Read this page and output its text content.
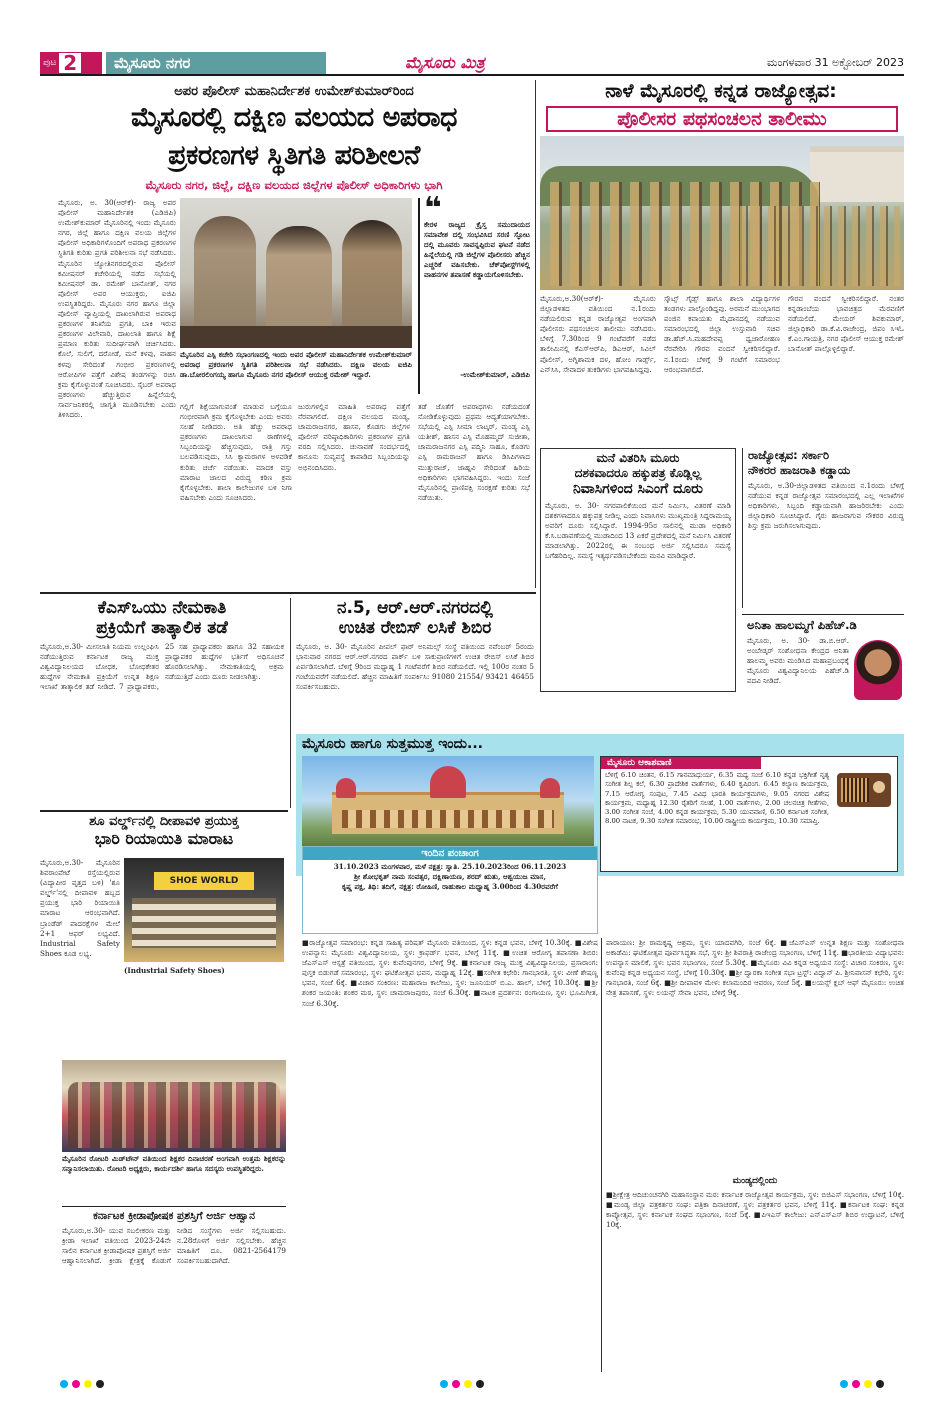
ಪುಟ 2	ಮೈಸೂರು ನಗರ	ಮೈಸೂರು ಮಿತ್ರ	ಮಂಗಳವಾರ 31 ಅಕ್ಟೋಬರ್ 2023
ಅಪರ ಪೊಲೀಸ್ ಮಹಾನಿರ್ದೇಶಕ ಉಮೇಶ್‌ಕುಮಾರ್‌ರಿಂದ
ಮೈಸೂರಲ್ಲಿ ದಕ್ಷಿಣ ವಲಯದ ಅಪರಾಧ
ಪ್ರಕರಣಗಳ ಸ್ಥಿತಿಗತಿ ಪರಿಶೀಲನೆ
ಮೈಸೂರು ನಗರ, ಜಿಲ್ಲೆ, ದಕ್ಷಿಣ ವಲಯದ ಜಿಲ್ಲೆಗಳ ಪೊಲೀಸ್ ಅಧಿಕಾರಿಗಳು ಭಾಗಿ
ಮೈಸೂರು, ಅ. 30(ಆರ್‌ಕೆ)- ರಾಜ್ಯ ಅಪರ ಪೊಲೀಸ್ ಮಹಾನಿರ್ದೇಶಕ (ಎಡಿಜಿಪಿ) ಉಮೇಶ್‌ಕುಮಾರ್ ಮೈಸೂರಿನಲ್ಲಿ ಇಂದು ಮೈಸೂರು ನಗರ, ಜಿಲ್ಲೆ ಹಾಗೂ ದಕ್ಷಿಣ ವಲಯ ಜಿಲ್ಲೆಗಳ ಪೊಲೀಸ್ ಅಧಿಕಾರಿಗಳೊಂದಿಗೆ ಅಪರಾಧ ಪ್ರಕರಣಗಳ ಸ್ಥಿತಿಗತಿ ಕುರಿತು ಪ್ರಗತಿ ಪರಿಶೀಲನಾ ಸಭೆ ನಡೆಸಿದರು. ಮೈಸೂರಿನ ಜ್ಯೋತಿನಗರದಲ್ಲಿರುವ ಪೊಲೀಸ್ ಕಮೀಷನರ್ ಕಚೇರಿಯಲ್ಲಿ ನಡೆದ ಸಭೆಯಲ್ಲಿ ಕಮೀಷನರ್ ಡಾ. ರಮೇಶ್ ಬಾನೋತ್, ನಗರ ಪೊಲೀಸ್ ಅಪರ ಆಯುಕ್ತರು, ಐಜಿಪಿ ಉಪಸ್ಥಿತರಿದ್ದರು. ಮೈಸೂರು ನಗರ ಹಾಗೂ ಜಿಲ್ಲಾ ಪೊಲೀಸ್ ವ್ಯಾಪ್ತಿಯಲ್ಲಿ ದಾಖಲಾಗಿರುವ ಅಪರಾಧ ಪ್ರಕರಣಗಳ ತನಿಖೆಯ ಪ್ರಗತಿ, ಬಾಕಿ ಇರುವ ಪ್ರಕರಣಗಳ ವಿಲೇವಾರಿ, ದಾಖಲಾತಿ ಹಾಗೂ ಶಿಕ್ಷೆ ಪ್ರಮಾಣ ಕುರಿತು ಸುದೀರ್ಘವಾಗಿ ಚರ್ಚಿಸಿದರು. ಕೊಲೆ, ಸುಲಿಗೆ, ದರೋಡೆ, ಮನೆ ಕಳವು, ವಾಹನ ಕಳವು ಸೇರಿದಂತೆ ಗಂಭೀರ ಪ್ರಕರಣಗಳಲ್ಲಿ ಆರೋಪಿಗಳ ಪತ್ತೆಗೆ ವಿಶೇಷ ತಂಡಗಳನ್ನು ರಚಿಸಿ ಕ್ರಮ ಕೈಗೊಳ್ಳುವಂತೆ ಸೂಚಿಸಿದರು. ಸೈಬರ್ ಅಪರಾಧ ಪ್ರಕರಣಗಳು ಹೆಚ್ಚುತ್ತಿರುವ ಹಿನ್ನೆಲೆಯಲ್ಲಿ ಸಾರ್ವಜನಿಕರಲ್ಲಿ ಜಾಗೃತಿ ಮೂಡಿಸಬೇಕು ಎಂದು ತಿಳಿಸಿದರು.
ಮೈಸೂರಿನ ಎಸ್ಪಿ ಕಚೇರಿ ಸಭಾಂಗಣದಲ್ಲಿ ಇಂದು ಅಪರ ಪೊಲೀಸ್ ಮಹಾನಿರ್ದೇಶಕ ಉಮೇಶ್‌ಕುಮಾರ್ ಅಪರಾಧ ಪ್ರಕರಣಗಳ ಸ್ಥಿತಿಗತಿ ಪರಿಶೀಲನಾ ಸಭೆ ನಡೆಸಿದರು. ದಕ್ಷಿಣ ವಲಯ ಐಜಿಪಿ ಡಾ.ಬೋರಲಿಂಗಯ್ಯ ಹಾಗೂ ಮೈಸೂರು ನಗರ ಪೊಲೀಸ್ ಆಯುಕ್ತ ರಮೇಶ್ ಇದ್ದಾರೆ.
❝
ಕೇರಳ ರಾಜ್ಯದ ಕ್ರೈಸ್ತ ಸಮುದಾಯದ ಸಮಾವೇಶ ದಲ್ಲಿ ಸಂಭವಿಸಿದ ಸರಣಿ ಸ್ಫೋಟ ದಲ್ಲಿ ಮೂವರು ಸಾವನ್ನಪ್ಪಿರುವ ಘಟನೆ ನಡೆದ ಹಿನ್ನೆಲೆಯಲ್ಲಿ ಗಡಿ ಜಿಲ್ಲೆಗಳ ಪೊಲೀಸರು ಹೆಚ್ಚಿನ ಎಚ್ಚರಿಕೆ ವಹಿಸಬೇಕು. ಚೆಕ್‌ಪೋಸ್ಟ್‌ಗಳಲ್ಲಿ ವಾಹನಗಳ ತಪಾಸಣೆ ಕಡ್ಡಾಯಗೊಳಿಸಬೇಕು.
-ಉಮೇಶ್‌ಕುಮಾರ್, ಎಡಿಜಿಪಿ
ಗಲ್ಲಿಗೆ ಶಿಕ್ಷೆಯಾಗುವಂತೆ ಮಾಡುವ ಬಗ್ಗೆಯೂ ಗಂಭೀರವಾಗಿ ಕ್ರಮ ಕೈಗೊಳ್ಳಬೇಕು ಎಂದು ಅವರು ಸಲಹೆ ನೀಡಿದರು. ಅತಿ ಹೆಚ್ಚು ಅಪರಾಧ ಪ್ರಕರಣಗಳು ದಾಖಲಾಗುವ ಠಾಣೆಗಳಲ್ಲಿ ಸಿಬ್ಬಂದಿಯನ್ನು ಹೆಚ್ಚಿಸುವುದು, ರಾತ್ರಿ ಗಸ್ತು ಬಲಪಡಿಸುವುದು, ಸಿಸಿ ಕ್ಯಾಮರಾಗಳ ಅಳವಡಿಕೆ ಕುರಿತು ಚರ್ಚೆ ನಡೆಯಿತು. ಮಾದಕ ವಸ್ತು ಮಾರಾಟ ಜಾಲದ ವಿರುದ್ಧ ಕಠಿಣ ಕ್ರಮ ಕೈಗೊಳ್ಳಬೇಕು. ಶಾಲಾ ಕಾಲೇಜುಗಳ ಬಳಿ ನಿಗಾ ವಹಿಸಬೇಕು ಎಂದು ಸೂಚಿಸಿದರು.
ಜುರುಗಳಲ್ಲಿನ ಮಾಹಿತಿ ಅಪರಾಧ ಪತ್ತೆಗೆ ನೆರವಾಗಲಿದೆ. ದಕ್ಷಿಣ ವಲಯದ ಮಂಡ್ಯ, ಚಾಮರಾಜನಗರ, ಹಾಸನ, ಕೊಡಗು ಜಿಲ್ಲೆಗಳ ಪೊಲೀಸ್ ವರಿಷ್ಠಾಧಿಕಾರಿಗಳು ಪ್ರಕರಣಗಳ ಪ್ರಗತಿ ವರದಿ ಸಲ್ಲಿಸಿದರು. ಚುನಾವಣೆ ಸಂದರ್ಭದಲ್ಲಿ ಕಾನೂನು ಸುವ್ಯವಸ್ಥೆ ಕಾಪಾಡಿದ ಸಿಬ್ಬಂದಿಯನ್ನು ಅಭಿನಂದಿಸಿದರು.
ತಡೆ ಜೊತೆಗೆ ಅಪರಾಧಗಳು ನಡೆಯದಂತೆ ನೋಡಿಕೊಳ್ಳುವುದು ಪ್ರಥಮ ಆದ್ಯತೆಯಾಗಬೇಕು. ಸಭೆಯಲ್ಲಿ ಎಸ್ಪಿ ಸೀಮಾ ಲಾಟ್ಕರ್, ಮಂಡ್ಯ ಎಸ್ಪಿ ಯತೀಶ್, ಹಾಸನ ಎಸ್ಪಿ ಮೊಹಮ್ಮದ್ ಸುಜೀತಾ, ಚಾಮರಾಜನಗರ ಎಸ್ಪಿ ಪದ್ಮಿನಿ ಸಾಹೂ, ಕೊಡಗು ಎಸ್ಪಿ ರಾಮರಾಜನ್ ಹಾಗೂ ಡಿಸಿಪಿಗಳಾದ ಮುತ್ತುರಾಜ್, ಜಾಹ್ನವಿ ಸೇರಿದಂತೆ ಹಿರಿಯ ಅಧಿಕಾರಿಗಳು ಭಾಗವಹಿಸಿದ್ದರು. ಇಂದು ಸಂಜೆ ಮೈಸೂರಿನಲ್ಲಿ ಪ್ರಾಣಿಪಕ್ಷಿ ಸಂರಕ್ಷಣೆ ಕುರಿತು ಸಭೆ ನಡೆಯಿತು.
ನಾಳೆ ಮೈಸೂರಲ್ಲಿ ಕನ್ನಡ ರಾಜ್ಯೋತ್ಸವ:
ಪೊಲೀಸರ ಪಥಸಂಚಲನ ತಾಲೀಮು
ಮೈಸೂರು,ಅ.30(ಆರ್‌ಕೆ)- ಮೈಸೂರು ಜಿಲ್ಲಾಡಳಿತದ ವತಿಯಿಂದ ನ.1ರಂದು ನಡೆಯಲಿರುವ ಕನ್ನಡ ರಾಜ್ಯೋತ್ಸವ ಅಂಗವಾಗಿ ಪೊಲೀಸರು ಪಥಸಂಚಲನ ತಾಲೀಮು ನಡೆಸಿದರು. ಬೆಳಿಗ್ಗೆ 7.30ರಿಂದ 9 ಗಂಟೆವರೆಗೆ ನಡೆದ ತಾಲೀಮಿನಲ್ಲಿ ಕೆಎಸ್‌ಆರ್‌ಪಿ, ಡಿಎಆರ್, ಸಿವಿಲ್ ಪೊಲೀಸ್, ಅಗ್ನಿಶಾಮಕ ದಳ, ಹೋಂ ಗಾರ್ಡ್ಸ್, ಎನ್‌ಸಿಸಿ, ಸೇವಾದಳ ತುಕಡಿಗಳು ಭಾಗವಹಿಸಿದ್ದವು.
ಸ್ಕೌಟ್ಸ್ ಗೈಡ್ಸ್ ಹಾಗೂ ಶಾಲಾ ವಿದ್ಯಾರ್ಥಿಗಳ ತಂಡಗಳು ಪಾಲ್ಗೊಂಡಿದ್ದವು. ಅರಮನೆ ಮುಂಭಾಗದ ಪಂಜಿನ ಕವಾಯತು ಮೈದಾನದಲ್ಲಿ ನಡೆಯುವ ಸಮಾರಂಭದಲ್ಲಿ ಜಿಲ್ಲಾ ಉಸ್ತುವಾರಿ ಸಚಿವ ಡಾ.ಹೆಚ್.ಸಿ.ಮಹದೇವಪ್ಪ ಧ್ವಜಾರೋಹಣ ನೆರವೇರಿಸಿ ಗೌರವ ವಂದನೆ ಸ್ವೀಕರಿಸಲಿದ್ದಾರೆ. ನ.1ರಂದು ಬೆಳಿಗ್ಗೆ 9 ಗಂಟೆಗೆ ಸಮಾರಂಭ ಆರಂಭವಾಗಲಿದೆ.
ಗೌರವ ವಂದನೆ ಸ್ವೀಕರಿಸಲಿದ್ದಾರೆ. ನಂತರ ಕನ್ನಡಾಂಬೆಯ ಭಾವಚಿತ್ರದ ಮೆರವಣಿಗೆ ನಡೆಯಲಿದೆ. ಮೇಯರ್ ಶಿವಕುಮಾರ್, ಜಿಲ್ಲಾಧಿಕಾರಿ ಡಾ.ಕೆ.ವಿ.ರಾಜೇಂದ್ರ, ಜಿಪಂ ಸಿಇಓ ಕೆ.ಎಂ.ಗಾಯತ್ರಿ, ನಗರ ಪೊಲೀಸ್ ಆಯುಕ್ತ ರಮೇಶ್ ಬಾನೋತ್ ಪಾಲ್ಗೊಳ್ಳಲಿದ್ದಾರೆ.
ಮನೆ ವಿತರಿಸಿ ಮೂರು
ದಶಕವಾದರೂ ಹಕ್ಕುಪತ್ರ ಕೊಡ್ಲಿಲ್ಲ
ನಿವಾಸಿಗಳಿಂದ ಸಿಎಂಗೆ ದೂರು
ಮೈಸೂರು, ಅ. 30- ನಗರಪಾಲಿಕೆಯಿಂದ ಮನೆ ನಿರ್ಮಿಸಿ, ವಿತರಣೆ ಮಾಡಿ ದಶಕಗಳಾದರೂ ಹಕ್ಕುಪತ್ರ ನೀಡಿಲ್ಲ ಎಂದು ನಿವಾಸಿಗಳು ಮುಖ್ಯಮಂತ್ರಿ ಸಿದ್ದರಾಮಯ್ಯ ಅವರಿಗೆ ದೂರು ಸಲ್ಲಿಸಿದ್ದಾರೆ. 1994-95ರ ಸಾಲಿನಲ್ಲಿ ಮುಡಾ ಅಧಿಕಾರಿ ಕೆ.ಸಿ.ಬಡಾವಣೆಯಲ್ಲಿ ಮುಡಾದಿಂದ 13 ಏಕರೆ ಪ್ರದೇಶದಲ್ಲಿ ಮನೆ ನಿರ್ಮಿಸಿ ವಿತರಣೆ ಮಾಡಲಾಗಿತ್ತು. 2022ರಲ್ಲಿ ಈ ಸಂಬಂಧ ಅರ್ಜಿ ಸಲ್ಲಿಸಿದರೂ ಸಮಸ್ಯೆ ಬಗೆಹರಿದಿಲ್ಲ. ಸಮಸ್ಯೆ ಇತ್ಯರ್ಥಪಡಿಸಬೇಕೆಂದು ಮನವಿ ಮಾಡಿದ್ದಾರೆ.
ರಾಜ್ಯೋತ್ಸವ: ಸರ್ಕಾರಿ
ನೌಕರರ ಹಾಜರಾತಿ ಕಡ್ಡಾಯ
ಮೈಸೂರು, ಅ.30-ಜಿಲ್ಲಾಡಳಿತದ ವತಿಯಿಂದ ನ.1ರಂದು ಬೆಳಿಗ್ಗೆ ನಡೆಯುವ ಕನ್ನಡ ರಾಜ್ಯೋತ್ಸವ ಸಮಾರಂಭದಲ್ಲಿ ಎಲ್ಲ ಇಲಾಖೆಗಳ ಅಧಿಕಾರಿಗಳು, ಸಿಬ್ಬಂದಿ ಕಡ್ಡಾಯವಾಗಿ ಹಾಜರಿರಬೇಕು ಎಂದು ಜಿಲ್ಲಾಧಿಕಾರಿ ಸೂಚಿಸಿದ್ದಾರೆ. ಗೈರು ಹಾಜರಾಗುವ ನೌಕರರ ವಿರುದ್ಧ ಶಿಸ್ತು ಕ್ರಮ ಜರುಗಿಸಲಾಗುವುದು.
ಅನಿತಾ ಹಾಲಮ್ಮಗೆ ಪಿಹೆಚ್.ಡಿ
ಮೈಸೂರು, ಅ. 30- ಡಾ.ಬಿ.ಆರ್. ಅಂಬೇಡ್ಕರ್ ಸಂಶೋಧನಾ ಕೇಂದ್ರದ ಅನಿತಾ ಹಾಲಮ್ಮ ಅವರು ಮಂಡಿಸಿದ ಮಹಾಪ್ರಬಂಧಕ್ಕೆ ಮೈಸೂರು ವಿಶ್ವವಿದ್ಯಾನಿಲಯ ಪಿಹೆಚ್.ಡಿ ಪದವಿ ನೀಡಿದೆ.
ಕೆಎಸ್‌ಒಯು ನೇಮಕಾತಿ
ಪ್ರಕ್ರಿಯೆಗೆ ತಾತ್ಕಾಲಿಕ ತಡೆ
ಮೈಸೂರು,ಅ.30- ಮೀಸಲಾತಿ ನಿಯಮ ಉಲ್ಲಂಘಿಸಿ ನಡೆಯುತ್ತಿರುವ ಕರ್ನಾಟಕ ರಾಜ್ಯ ಮುಕ್ತ ವಿಶ್ವವಿದ್ಯಾನಿಲಯದ ಬೋಧಕ, ಬೋಧಕೇತರ ಹುದ್ದೆಗಳ ನೇಮಕಾತಿ ಪ್ರಕ್ರಿಯೆಗೆ ಉನ್ನತ ಶಿಕ್ಷಣ ಇಲಾಖೆ ತಾತ್ಕಾಲಿಕ ತಡೆ ನೀಡಿದೆ. 7 ಪ್ರಾಧ್ಯಾಪಕರು, 25 ಸಹ ಪ್ರಾಧ್ಯಾಪಕರು ಹಾಗೂ 32 ಸಹಾಯಕ ಪ್ರಾಧ್ಯಾಪಕರ ಹುದ್ದೆಗಳ ಭರ್ತಿಗೆ ಅಧಿಸೂಚನೆ ಹೊರಡಿಸಲಾಗಿತ್ತು. ನೇಮಕಾತಿಯಲ್ಲಿ ಅಕ್ರಮ ನಡೆಯುತ್ತಿದೆ ಎಂದು ದೂರು ನೀಡಲಾಗಿತ್ತು.
ನ.5, ಆರ್.ಆರ್.ನಗರದಲ್ಲಿ
ಉಚಿತ ರೇಬಿಸ್ ಲಸಿಕೆ ಶಿಬಿರ
ಮೈಸೂರು, ಅ. 30- ಮೈಸೂರಿನ ಪೀಪಲ್ ಫಾರ್ ಅನಿಮಲ್ಸ್ ಸಂಸ್ಥೆ ವತಿಯಿಂದ ನವೆಂಬರ್ 5ರಂದು ಭಾನುವಾರ ನಗರದ ಆರ್.ಆರ್.ನಗರದ ಪಾರ್ಕ್ ಬಳಿ ಸಾಕುಪ್ರಾಣಿಗಳಿಗೆ ಉಚಿತ ರೇಬಿಸ್ ಲಸಿಕೆ ಶಿಬಿರ ಏರ್ಪಡಿಸಲಾಗಿದೆ. ಬೆಳಿಗ್ಗೆ 9ರಿಂದ ಮಧ್ಯಾಹ್ನ 1 ಗಂಟೆವರೆಗೆ ಶಿಬಿರ ನಡೆಯಲಿದೆ. ಇಲ್ಲಿ 100ರ ನಂತರ 5 ಗಂಟೆಯವರೆಗೆ ನಡೆಯಲಿದೆ. ಹೆಚ್ಚಿನ ಮಾಹಿತಿಗೆ ಸಂಪರ್ಕಿಸಿ: 91080 21554/ 93421 46455 ಸಂಪರ್ಕಿಸಬಹುದು.
ಶೂ ವರ್ಲ್ಡ್‌ನಲ್ಲಿ ದೀಪಾವಳಿ ಪ್ರಯುಕ್ತ
ಭಾರಿ ರಿಯಾಯಿತಿ ಮಾರಾಟ
ಮೈಸೂರು,ಅ.30- ಮೈಸೂರಿನ ಶಿವರಾಂಪೇಟೆ ರಸ್ತೆಯಲ್ಲಿರುವ (ವಿದ್ಯಾಪೀಠ ವೃತ್ತದ ಬಳಿ) 'ಶೂ ವರ್ಲ್ಡ್'ನಲ್ಲಿ ದೀಪಾವಳಿ ಹಬ್ಬದ ಪ್ರಯುಕ್ತ ಭಾರಿ ರಿಯಾಯಿತಿ ಮಾರಾಟ ಆರಂಭವಾಗಿದೆ. ಬ್ರಾಂಡೆಡ್ ಪಾದರಕ್ಷೆಗಳ ಮೇಲೆ 2+1 ಆಫರ್ ಲಭ್ಯವಿದೆ. Industrial Safety Shoes ಕೂಡ ಲಭ್ಯ.
SHOE WORLD
(Industrial Safety Shoes)
ಮೈಸೂರಿನ ರೋಟರಿ ಮಿಡ್‌ಟೌನ್ ವತಿಯಿಂದ ಶಿಕ್ಷಕರ ದಿನಾಚರಣೆ ಅಂಗವಾಗಿ ಉತ್ತಮ ಶಿಕ್ಷಕರನ್ನು ಸನ್ಮಾನಿಸಲಾಯಿತು. ರೋಟರಿ ಅಧ್ಯಕ್ಷರು, ಕಾರ್ಯದರ್ಶಿ ಹಾಗೂ ಸದಸ್ಯರು ಉಪಸ್ಥಿತರಿದ್ದರು.
ಕರ್ನಾಟಕ ಕ್ರೀಡಾಪೋಷಕ ಪ್ರಶಸ್ತಿಗೆ ಅರ್ಜಿ ಆಹ್ವಾನ
ಮೈಸೂರು,ಅ.30- ಯುವ ಸಬಲೀಕರಣ ಮತ್ತು ಕ್ರೀಡಾ ಇಲಾಖೆ ವತಿಯಿಂದ 2023-24ನೇ ಸಾಲಿನ ಕರ್ನಾಟಕ ಕ್ರೀಡಾಪೋಷಕ ಪ್ರಶಸ್ತಿಗೆ ಅರ್ಜಿ ಆಹ್ವಾನಿಸಲಾಗಿದೆ. ಕ್ರೀಡಾ ಕ್ಷೇತ್ರಕ್ಕೆ ಕೊಡುಗೆ ನೀಡಿದ ಸಂಸ್ಥೆಗಳು ಅರ್ಜಿ ಸಲ್ಲಿಸಬಹುದು. ನ.28ರೊಳಗೆ ಅರ್ಜಿ ಸಲ್ಲಿಸಬೇಕು. ಹೆಚ್ಚಿನ ಮಾಹಿತಿಗೆ ದೂ. 0821-2564179 ಸಂಪರ್ಕಿಸಬಹುದಾಗಿದೆ.
ಮೈಸೂರು ಹಾಗೂ ಸುತ್ತಮುತ್ತ ಇಂದು...
ಮೈಸೂರು ಆಕಾಶವಾಣಿ
ಬೆಳಿಗ್ಗೆ 6.10 ಚಿಂತನ, 6.15 ಗಾನಮಾಧುರ್ಯ, 6.35 ಮಧ್ಯ ಸಂಜೆ 6.10 ಕನ್ನಡ ಭಕ್ತಿಗೀತೆ ನೃತ್ಯ ಸಂಗೀತ ಶಿಲ್ಪ ಕಲೆ, 6.30 ಪ್ರಾದೇಶಿಕ ವಾರ್ತೆಗಳು, 6.40 ಕೃಷಿರಂಗ. 6.45 ಕಲ್ಯಾಣ ಕಾರ್ಯಕ್ರಮ, 7.15 ಆರೋಗ್ಯ ಸಂಪುಟ, 7.45 ವಿವಿಧ ಭಾರತಿ ಕಾರ್ಯಕ್ರಮಗಳು, 9.05 ನಗರದ ವಿಶೇಷ ಕಾರ್ಯಕ್ರಮ, ಮಧ್ಯಾಹ್ನ 12.30 ರೈತರಿಗೆ ಸಲಹೆ, 1.00 ವಾರ್ತೆಗಳು, 2.00 ಚಲನಚಿತ್ರ ಗೀತೆಗಳು, 3.00 ಸಂಗೀತ ಸಂಜೆ, 4.00 ಕನ್ನಡ ಕಾರ್ಯಕ್ರಮ, 5.30 ಯುವವಾಣಿ, 6.50 ಕರ್ನಾಟಕ ಸಂಗೀತ, 8.00 ನಾಟಕ, 9.30 ಸಂಗೀತ ಸಮಾರಂಭ, 10.00 ರಾಷ್ಟ್ರೀಯ ಕಾರ್ಯಕ್ರಮ, 10.30 ಸಮಾಪ್ತಿ.
ಇಂದಿನ ಪಂಚಾಂಗ
31.10.2023 ಮಂಗಳವಾರ, ಮಳೆ ನಕ್ಷತ್ರ: ಸ್ವಾತಿ. 25.10.2023ರಿಂದ 06.11.2023
ಶ್ರೀ ಶೋಭಕೃತ್ ನಾಮ ಸಂವತ್ಸರ, ದಕ್ಷಿಣಾಯಣ, ಶರದ್ ಋತು, ಆಶ್ವಯುಜ ಮಾಸ,
ಕೃಷ್ಣ ಪಕ್ಷ, ತಿಥಿ: ತದಿಗೆ, ನಕ್ಷತ್ರ: ರೋಹಿಣಿ, ರಾಹುಕಾಲ ಮಧ್ಯಾಹ್ನ 3.00ರಿಂದ 4.30ರವರೆಗೆ
■ರಾಜ್ಯೋತ್ಸವ ಸಮಾರಂಭ: ಕನ್ನಡ ಸಾಹಿತ್ಯ ಪರಿಷತ್ ಮೈಸೂರು ವತಿಯಿಂದ, ಸ್ಥಳ: ಕನ್ನಡ ಭವನ, ಬೆಳಿಗ್ಗೆ 10.30ಕ್ಕೆ. ■ವಿಶೇಷ ಉಪನ್ಯಾಸ: ಮೈಸೂರು ವಿಶ್ವವಿದ್ಯಾನಿಲಯ, ಸ್ಥಳ: ಕ್ರಾಫರ್ಡ್ ಭವನ, ಬೆಳಿಗ್ಗೆ 11ಕ್ಕೆ. ■ಉಚಿತ ಆರೋಗ್ಯ ತಪಾಸಣಾ ಶಿಬಿರ: ಜೆಎಸ್‌ಎಸ್ ಆಸ್ಪತ್ರೆ ವತಿಯಿಂದ, ಸ್ಥಳ: ಕುವೆಂಪುನಗರ, ಬೆಳಿಗ್ಗೆ 9ಕ್ಕೆ. ■ಕರ್ನಾಟಕ ರಾಜ್ಯ ಮುಕ್ತ ವಿಶ್ವವಿದ್ಯಾನಿಲಯ, ಪ್ರಸಾರಾಂಗ: ಪುಸ್ತಕ ಬಿಡುಗಡೆ ಸಮಾರಂಭ, ಸ್ಥಳ: ಘಟಿಕೋತ್ಸವ ಭವನ, ಮಧ್ಯಾಹ್ನ 12ಕ್ಕೆ. ■ಸಂಗೀತ ಕಛೇರಿ: ಗಾನಭಾರತಿ, ಸ್ಥಳ: ವೀಣೆ ಶೇಷಣ್ಣ ಭವನ, ಸಂಜೆ 6ಕ್ಕೆ. ■ವಿಚಾರ ಸಂಕಿರಣ: ಮಹಾರಾಜ ಕಾಲೇಜು, ಸ್ಥಳ: ಜೂನಿಯರ್ ಬಿ.ಎ. ಹಾಲ್, ಬೆಳಿಗ್ಗೆ 10.30ಕ್ಕೆ. ■ಶ್ರೀ ಶಂಕರ ಜಯಂತಿ: ಶಂಕರ ಮಠ, ಸ್ಥಳ: ಚಾಮರಾಜಪುರಂ, ಸಂಜೆ 6.30ಕ್ಕೆ. ■ನಾಟಕ ಪ್ರದರ್ಶನ: ರಂಗಾಯಣ, ಸ್ಥಳ: ಭೂಮಿಗೀತ, ಸಂಜೆ 6.30ಕ್ಕೆ.
ಪಾರಾಯಣ: ಶ್ರೀ ರಾಮಕೃಷ್ಣ ಆಶ್ರಮ, ಸ್ಥಳ: ಯಾದವಗಿರಿ, ಸಂಜೆ 6ಕ್ಕೆ. ■ಜೆಎಸ್‌ಎಸ್ ಉನ್ನತ ಶಿಕ್ಷಣ ಮತ್ತು ಸಂಶೋಧನಾ ಅಕಾಡೆಮಿ: ಘಟಿಕೋತ್ಸವ ಪೂರ್ವಸಿದ್ಧತಾ ಸಭೆ, ಸ್ಥಳ: ಶ್ರೀ ಶಿವರಾತ್ರಿ ರಾಜೇಂದ್ರ ಸಭಾಂಗಣ, ಬೆಳಿಗ್ಗೆ 11ಕ್ಕೆ. ■ಭಾರತೀಯ ವಿದ್ಯಾಭವನ: ಉಪನ್ಯಾಸ ಮಾಲಿಕೆ, ಸ್ಥಳ: ಭವನ ಸಭಾಂಗಣ, ಸಂಜೆ 5.30ಕ್ಕೆ. ■ಮೈಸೂರು ವಿವಿ ಕನ್ನಡ ಅಧ್ಯಯನ ಸಂಸ್ಥೆ: ವಿಚಾರ ಸಂಕಿರಣ, ಸ್ಥಳ: ಕುವೆಂಪು ಕನ್ನಡ ಅಧ್ಯಯನ ಸಂಸ್ಥೆ, ಬೆಳಿಗ್ಗೆ 10.30ಕ್ಕೆ. ■ಶ್ರೀ ದ್ವಾರಕಾ ಸಂಗೀತ ಸಭಾ ಟ್ರಸ್ಟ್: ವಿದ್ವಾನ್ ಪಿ. ಶ್ರೀನಿವಾಸನ್ ಕಛೇರಿ, ಸ್ಥಳ: ಗಾನಭಾರತಿ, ಸಂಜೆ 6ಕ್ಕೆ. ■ಶ್ರೀ ದೀಪಾವಳಿ ಮೇಳ: ಕಲಾಮಂದಿರ ಆವರಣ, ಸಂಜೆ 5ಕ್ಕೆ. ■ಲಯನ್ಸ್ ಕ್ಲಬ್ ಆಫ್ ಮೈಸೂರು: ಉಚಿತ ನೇತ್ರ ತಪಾಸಣೆ, ಸ್ಥಳ: ಲಯನ್ಸ್ ಸೇವಾ ಭವನ, ಬೆಳಿಗ್ಗೆ 9ಕ್ಕೆ.
ಮಂಡ್ಯದಲ್ಲಿಂದು
■ಶ್ರೀಕ್ಷೇತ್ರ ಆದಿಚುಂಚನಗಿರಿ ಮಹಾಸಂಸ್ಥಾನ ಮಠ: ಕರ್ನಾಟಕ ರಾಜ್ಯೋತ್ಸವ ಕಾರ್ಯಕ್ರಮ, ಸ್ಥಳ: ಬಿಜಿಎಸ್ ಸಭಾಂಗಣ, ಬೆಳಿಗ್ಗೆ 10ಕ್ಕೆ. ■ಮಂಡ್ಯ ಜಿಲ್ಲಾ ಪತ್ರಕರ್ತರ ಸಂಘ: ಪತ್ರಿಕಾ ದಿನಾಚರಣೆ, ಸ್ಥಳ: ಪತ್ರಕರ್ತರ ಭವನ, ಬೆಳಿಗ್ಗೆ 11ಕ್ಕೆ. ■ಕರ್ನಾಟಕ ಸಂಘ: ಕನ್ನಡ ಕಾವ್ಯೋತ್ಸವ, ಸ್ಥಳ: ಕರ್ನಾಟಕ ಸಂಘದ ಸಭಾಂಗಣ, ಸಂಜೆ 5ಕ್ಕೆ. ■ಪಿಇಎಸ್ ಕಾಲೇಜು: ಎನ್‌ಎಸ್‌ಎಸ್ ಶಿಬಿರ ಉದ್ಘಾಟನೆ, ಬೆಳಿಗ್ಗೆ 10ಕ್ಕೆ.
